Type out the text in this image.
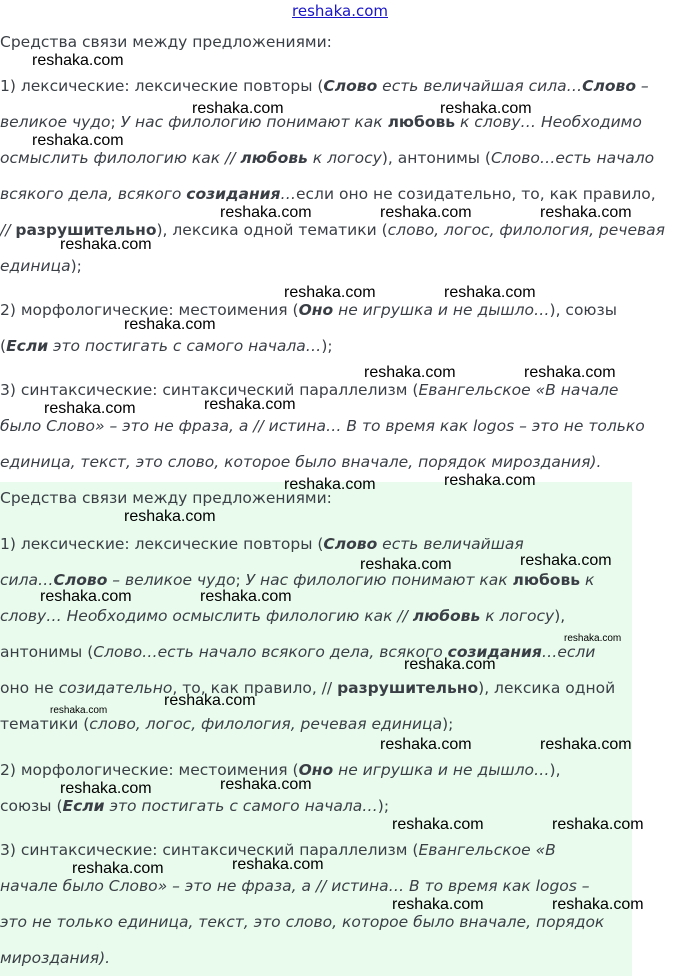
reshaka.com
Средства связи между предложениями:
1) лексические: лексические повторы (Слово есть величайшая сила…Слово –
великое чудо; У нас филологию понимают как любовь к слову… Необходимо
осмыслить филологию как // любовь к логосу), антонимы (Слово…есть начало
всякого дела, всякого созидания…если оно не созидательно, то, как правило,
// разрушительно), лексика одной тематики (слово, логос, филология, речевая
единица);
2) морфологические: местоимения (Оно не игрушка и не дышло…), союзы
(Если это постигать с самого начала…);
3) синтаксические: синтаксический параллелизм (Евангельское «В начале
было Слово» – это не фраза, а // истина… В то время как logos – это не только
единица, текст, это слово, которое было вначале, порядок мироздания).
Средства связи между предложениями:
1) лексические: лексические повторы (Слово есть величайшая
сила…Слово – великое чудо; У нас филологию понимают как любовь к
слову… Необходимо осмыслить филологию как // любовь к логосу),
антонимы (Слово…есть начало всякого дела, всякого созидания…если
оно не созидательно, то, как правило, // разрушительно), лексика одной
тематики (слово, логос, филология, речевая единица);
2) морфологические: местоимения (Оно не игрушка и не дышло…),
союзы (Если это постигать с самого начала…);
3) синтаксические: синтаксический параллелизм (Евангельское «В
начале было Слово» – это не фраза, а // истина… В то время как logos –
это не только единица, текст, это слово, которое было вначале, порядок
мироздания).
reshaka.com
reshaka.com	reshaka.com
reshaka.com
reshaka.com	reshaka.com	reshaka.com
reshaka.com
reshaka.com	reshaka.com
reshaka.com
reshaka.com	reshaka.com
reshaka.com
reshaka.com
reshaka.com
reshaka.com
reshaka.com
reshaka.com
reshaka.com
reshaka.com	reshaka.com
reshaka.com
reshaka.com
reshaka.com
reshaka.com
reshaka.com	reshaka.com
reshaka.com
reshaka.com
reshaka.com	reshaka.com
reshaka.com
reshaka.com
reshaka.com	reshaka.com
